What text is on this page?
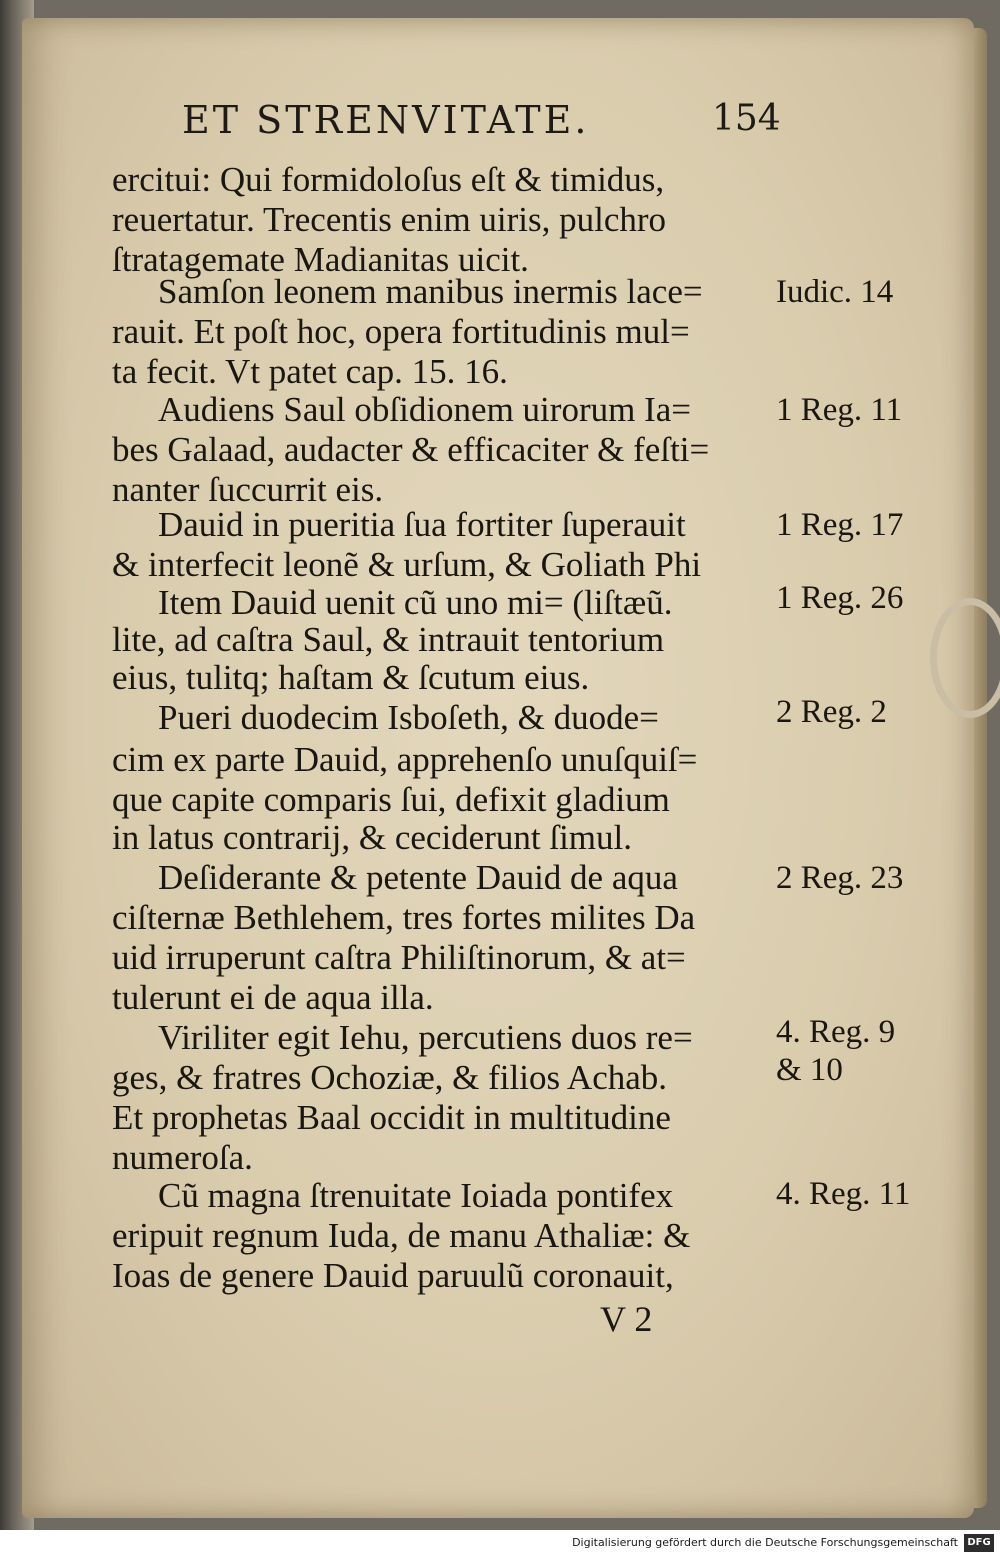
ET STRENVITATE.	154
ercitui: Qui formidoloſus eſt & timidus,
reuertatur. Trecentis enim uiris, pulchro
ſtratagemate Madianitas uicit.
Samſon leonem manibus inermis lace=
rauit. Et poſt hoc, opera fortitudinis mul=
ta fecit. Vt patet cap. 15. 16.
Audiens Saul obſidionem uirorum Ia=
bes Galaad, audacter & efficaciter & feſti=
nanter ſuccurrit eis.
Dauid in pueritia ſua fortiter ſuperauit
& interfecit leonẽ & urſum, & Goliath Phi
Item Dauid uenit cũ uno mi= (liſtæũ.
lite, ad caſtra Saul, & intrauit tentorium
eius, tulitq; haſtam & ſcutum eius.
Pueri duodecim Isboſeth, & duode=
cim ex parte Dauid, apprehenſo unuſquiſ=
que capite comparis ſui, defixit gladium
in latus contrarij, & ceciderunt ſimul.
Deſiderante & petente Dauid de aqua
ciſternæ Bethlehem, tres fortes milites Da
uid irruperunt caſtra Philiſtinorum, & at=
tulerunt ei de aqua illa.
Viriliter egit Iehu, percutiens duos re=
ges, & fratres Ochoziæ, & filios Achab.
Et prophetas Baal occidit in multitudine
numeroſa.
Cũ magna ſtrenuitate Ioiada pontifex
eripuit regnum Iuda, de manu Athaliæ: &
Ioas de genere Dauid paruulũ coronauit,
Iudic. 14
1 Reg. 11
1 Reg. 17
1 Reg. 26
2 Reg. 2
2 Reg. 23
4. Reg. 9
& 10
4. Reg. 11
V 2
Digitalisierung gefördert durch die Deutsche Forschungsgemeinschaft DFG
